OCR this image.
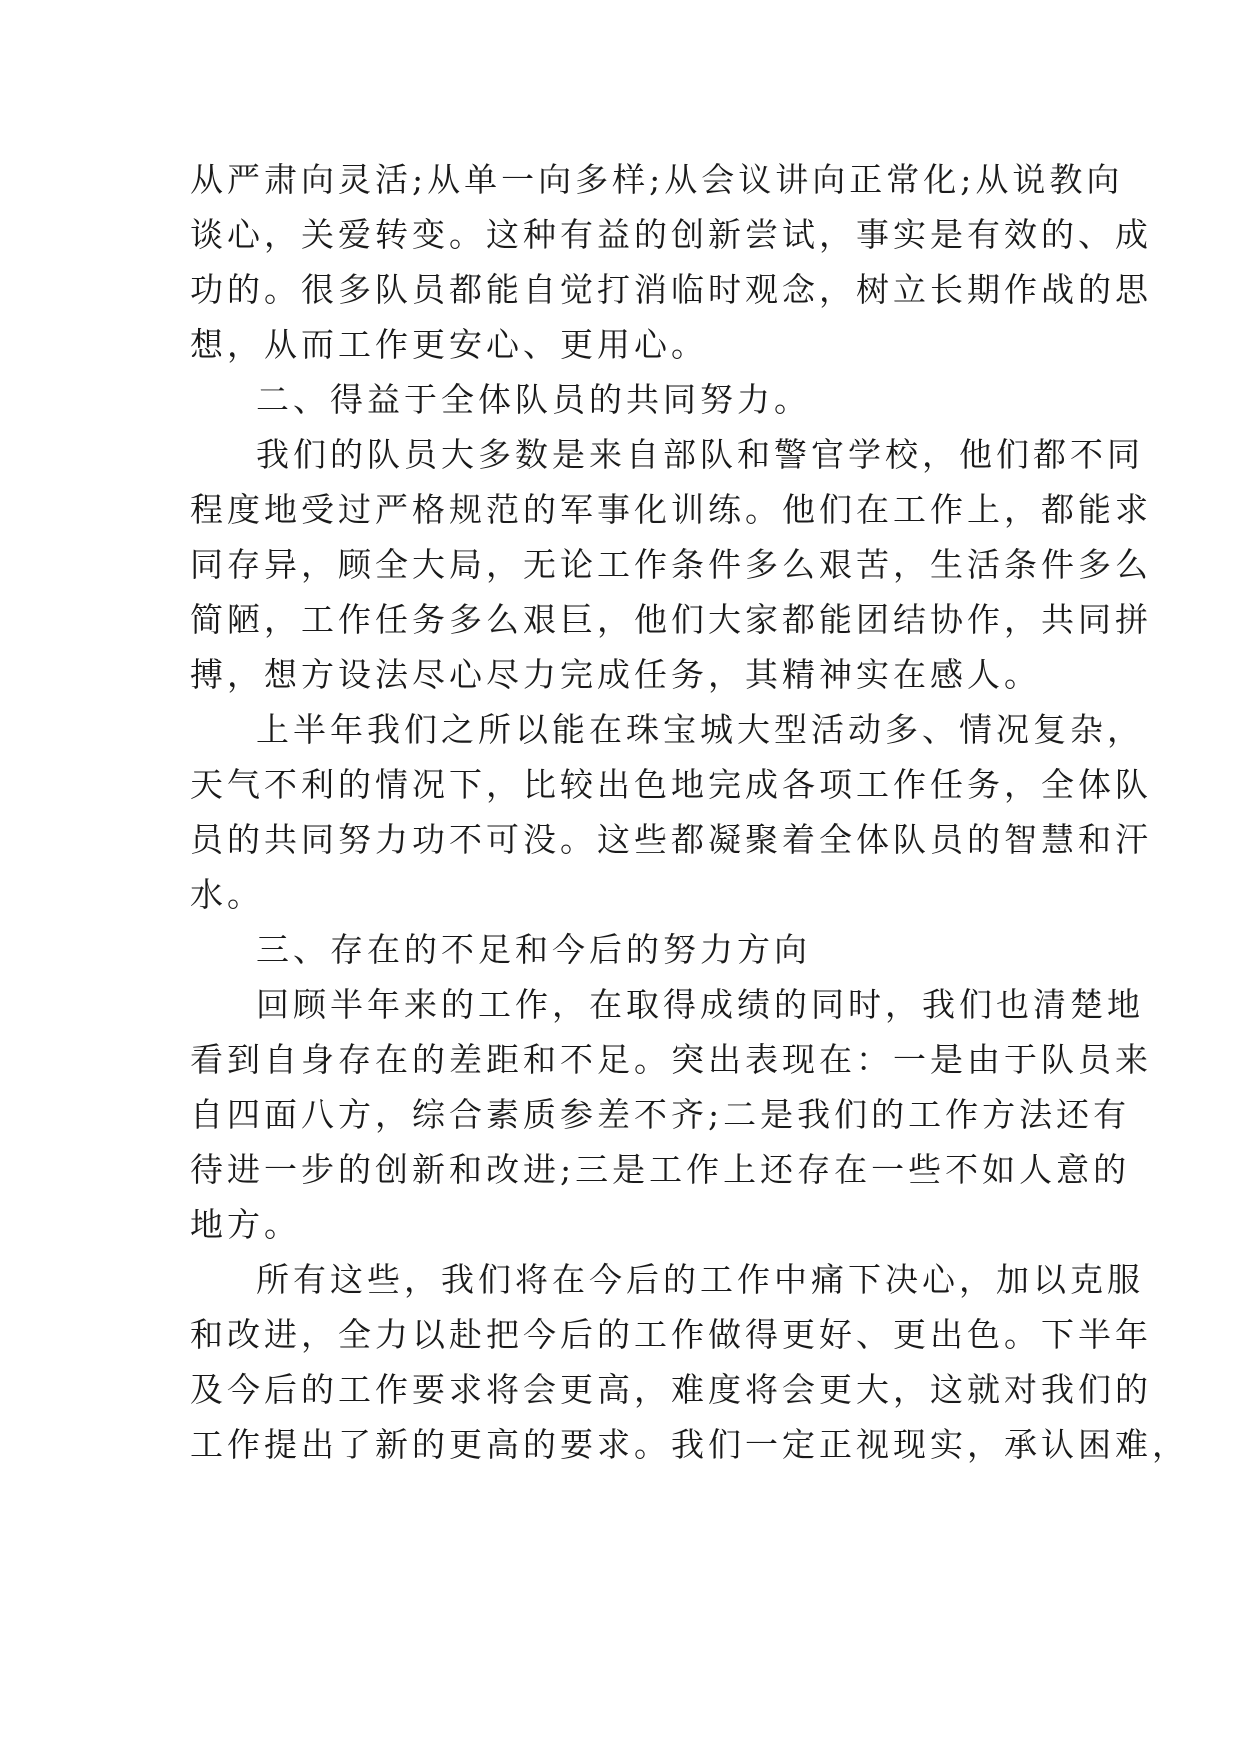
从严肃向灵活;从单一向多样;从会议讲向正常化;从说教向
谈心，关爱转变。这种有益的创新尝试，事实是有效的、成
功的。很多队员都能自觉打消临时观念，树立长期作战的思
想，从而工作更安心、更用心。
二、得益于全体队员的共同努力。
我们的队员大多数是来自部队和警官学校，他们都不同
程度地受过严格规范的军事化训练。他们在工作上，都能求
同存异，顾全大局，无论工作条件多么艰苦，生活条件多么
简陋，工作任务多么艰巨，他们大家都能团结协作，共同拼
搏，想方设法尽心尽力完成任务，其精神实在感人。
上半年我们之所以能在珠宝城大型活动多、情况复杂，
天气不利的情况下，比较出色地完成各项工作任务，全体队
员的共同努力功不可没。这些都凝聚着全体队员的智慧和汗
水。
三、存在的不足和今后的努力方向
回顾半年来的工作，在取得成绩的同时，我们也清楚地
看到自身存在的差距和不足。突出表现在：一是由于队员来
自四面八方，综合素质参差不齐;二是我们的工作方法还有
待进一步的创新和改进;三是工作上还存在一些不如人意的
地方。
所有这些，我们将在今后的工作中痛下决心，加以克服
和改进，全力以赴把今后的工作做得更好、更出色。下半年
及今后的工作要求将会更高，难度将会更大，这就对我们的
工作提出了新的更高的要求。我们一定正视现实，承认困难，
